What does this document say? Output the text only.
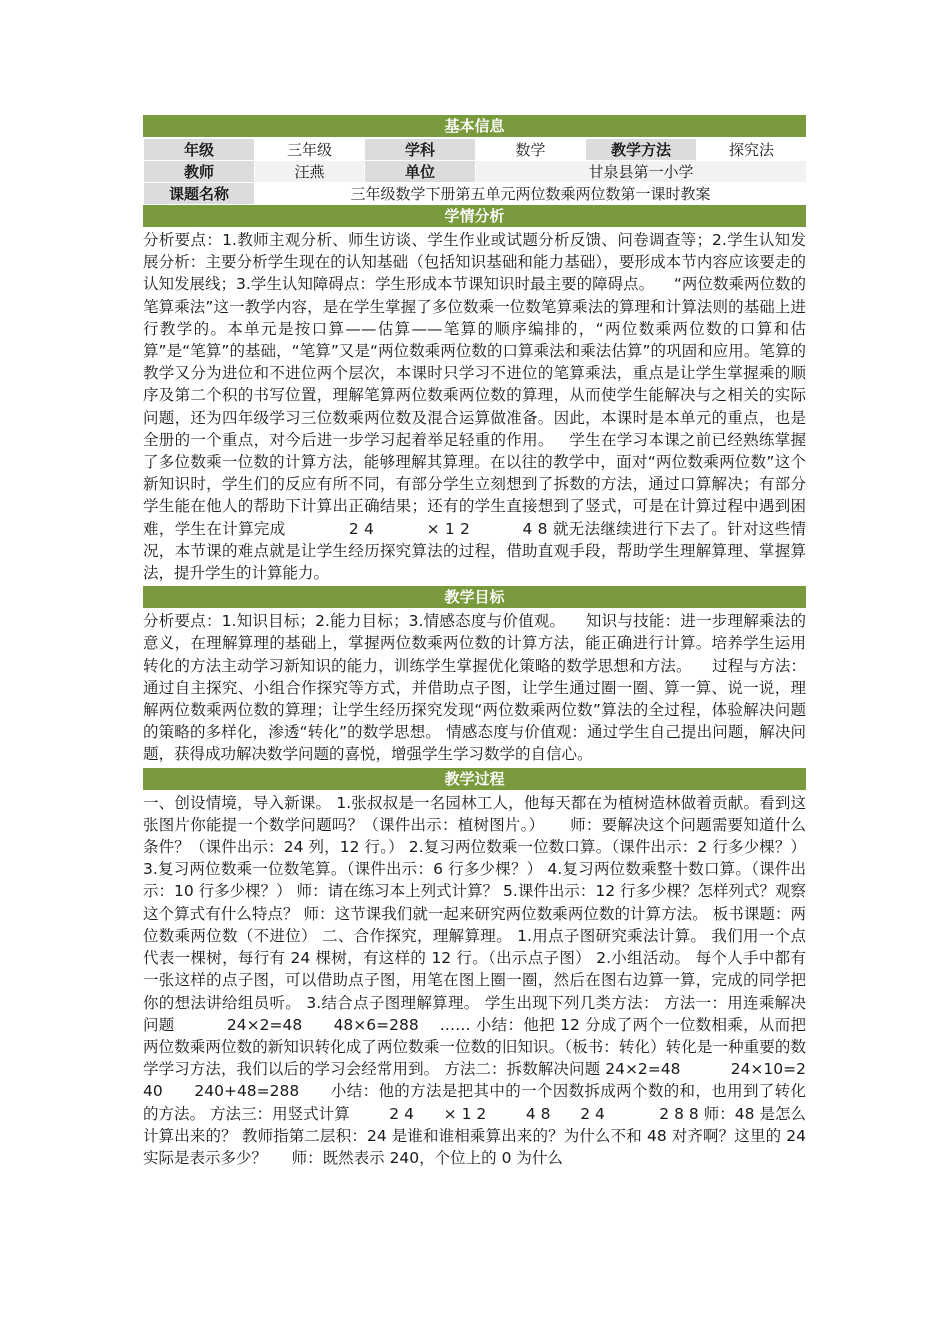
基本信息
年级	三年级	学科	数学	教学方法	探究法
教师	汪燕	单位	甘泉县第一小学		
课题名称	三年级数学下册第五单元两位数乘两位数第一课时教案				
学情分析
分析要点：1.教师主观分析、师生访谈、学生作业或试题分析反馈、问卷调查等；2.学生认知发展分析：主要分析学生现在的认知基础（包括知识基础和能力基础），要形成本节内容应该要走的认知发展线；3.学生认知障碍点：学生形成本节课知识时最主要的障碍点。    “两位数乘两位数的笔算乘法”这一教学内容，是在学生掌握了多位数乘一位数笔算乘法的算理和计算法则的基础上进行教学的。本单元是按口算——估算——笔算的顺序编排的，“两位数乘两位数的口算和估算”是“笔算”的基础，“笔算”又是“两位数乘两位数的口算乘法和乘法估算”的巩固和应用。笔算的教学又分为进位和不进位两个层次，本课时只学习不进位的笔算乘法，重点是让学生掌握乘的顺序及第二个积的书写位置，理解笔算两位数乘两位数的算理，从而使学生能解决与之相关的实际问题，还为四年级学习三位数乘两位数及混合运算做准备。因此，本课时是本单元的重点，也是全册的一个重点，对今后进一步学习起着举足轻重的作用。   学生在学习本课之前已经熟练掌握了多位数乘一位数的计算方法，能够理解其算理。在以往的教学中，面对“两位数乘两位数”这个新知识时，学生们的反应有所不同，有部分学生立刻想到了拆数的方法，通过口算解决；有部分学生能在他人的帮助下计算出正确结果；还有的学生直接想到了竖式，可是在计算过程中遇到困难，学生在计算完成            2 4          × 1 2          4 8 就无法继续进行下去了。针对这些情况，本节课的难点就是让学生经历探究算法的过程，借助直观手段，帮助学生理解算理、掌握算法，提升学生的计算能力。
教学目标
分析要点：1.知识目标；2.能力目标；3.情感态度与价值观。    知识与技能：进一步理解乘法的意义，在理解算理的基础上，掌握两位数乘两位数的计算方法，能正确进行计算。培养学生运用转化的方法主动学习新知识的能力，训练学生掌握优化策略的数学思想和方法。    过程与方法：通过自主探究、小组合作探究等方式，并借助点子图，让学生通过圈一圈、算一算、说一说，理解两位数乘两位数的算理；让学生经历探究发现“两位数乘两位数”算法的全过程，体验解决问题的策略的多样化，渗透“转化”的数学思想。 情感态度与价值观：通过学生自己提出问题，解决问题，获得成功解决数学问题的喜悦，增强学生学习数学的自信心。
教学过程
一、创设情境，导入新课。 1.张叔叔是一名园林工人，他每天都在为植树造林做着贡献。看到这张图片你能提一个数学问题吗？（课件出示：植树图片。）     师：要解决这个问题需要知道什么条件？（课件出示：24 列，12 行。） 2.复习两位数乘一位数口算。（课件出示：2 行多少棵？） 3.复习两位数乘一位数笔算。（课件出示：6 行多少棵？） 4.复习两位数乘整十数口算。（课件出示：10 行多少棵？） 师：请在练习本上列式计算？ 5.课件出示：12 行多少棵？怎样列式？观察这个算式有什么特点？ 师：这节课我们就一起来研究两位数乘两位数的计算方法。 板书课题：两位数乘两位数（不进位） 二、合作探究，理解算理。 1.用点子图研究乘法计算。 我们用一个点代表一棵树，每行有 24 棵树，有这样的 12 行。（出示点子图） 2.小组活动。 每个人手中都有一张这样的点子图，可以借助点子图，用笔在图上圈一圈，然后在图右边算一算，完成的同学把你的想法讲给组员听。 3.结合点子图理解算理。 学生出现下列几类方法： 方法一：用连乘解决问题          24×2=48      48×6=288    …… 小结：他把 12 分成了两个一位数相乘，从而把两位数乘两位数的新知识转化成了两位数乘一位数的旧知识。（板书：转化）转化是一种重要的数学学习方法，我们以后的学习会经常用到。 方法二：拆数解决问题 24×2=48          24×10=240      240+48=288      小结：他的方法是把其中的一个因数拆成两个数的和，也用到了转化的方法。 方法三：用竖式计算        2 4      × 1 2        4 8      2 4           2 8 8 师：48 是怎么计算出来的？ 教师指第二层积：24 是谁和谁相乘算出来的？为什么不和 48 对齐啊？这里的 24 实际是表示多少？     师：既然表示 240，个位上的 0 为什么
